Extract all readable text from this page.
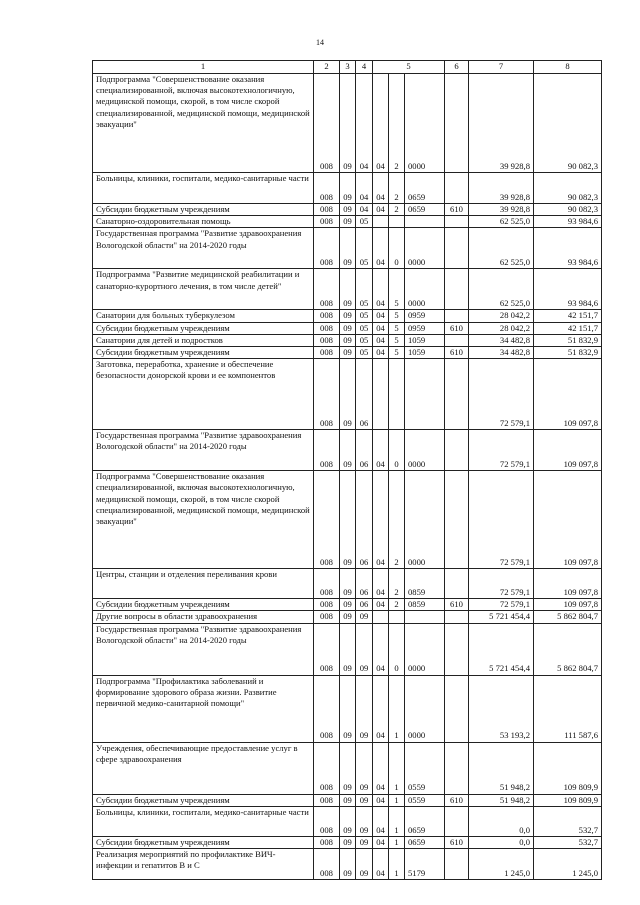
14
1	2	3	4	5			6	7	8
Подпрограмма "Совершенствование оказания специализированной, включая высокотехнологичную, медицинской помощи, скорой, в том числе скорой специализированной, медицинской помощи, медицинской эвакуации"	008	09	04	04	2	0000		39 928,8	90 082,3
Больницы, клиники, госпитали, медико-санитарные части	008	09	04	04	2	0659		39 928,8	90 082,3
Субсидии бюджетным учреждениям	008	09	04	04	2	0659	610	39 928,8	90 082,3
Санаторно-оздоровительная помощь	008	09	05					62 525,0	93 984,6
Государственная программа "Развитие здравоохранения Вологодской области" на 2014-2020 годы	008	09	05	04	0	0000		62 525,0	93 984,6
Подпрограмма "Развитие медицинской реабилитации и санаторно-курортного лечения, в том числе детей"	008	09	05	04	5	0000		62 525,0	93 984,6
Санатории для больных туберкулезом	008	09	05	04	5	0959		28 042,2	42 151,7
Субсидии бюджетным учреждениям	008	09	05	04	5	0959	610	28 042,2	42 151,7
Санатории для детей и подростков	008	09	05	04	5	1059		34 482,8	51 832,9
Субсидии бюджетным учреждениям	008	09	05	04	5	1059	610	34 482,8	51 832,9
Заготовка, переработка, хранение и обеспечение безопасности донорской крови и ее компонентов	008	09	06					72 579,1	109 097,8
Государственная программа "Развитие здравоохранения Вологодской области" на 2014-2020 годы	008	09	06	04	0	0000		72 579,1	109 097,8
Подпрограмма "Совершенствование оказания специализированной, включая высокотехнологичную, медицинской помощи, скорой, в том числе скорой специализированной, медицинской помощи, медицинской эвакуации"	008	09	06	04	2	0000		72 579,1	109 097,8
Центры, станции и отделения переливания крови	008	09	06	04	2	0859		72 579,1	109 097,8
Субсидии бюджетным учреждениям	008	09	06	04	2	0859	610	72 579,1	109 097,8
Другие вопросы в области здравоохранения	008	09	09					5 721 454,4	5 862 804,7
Государственная программа "Развитие здравоохранения Вологодской области" на 2014-2020 годы	008	09	09	04	0	0000		5 721 454,4	5 862 804,7
Подпрограмма "Профилактика заболеваний и формирование здорового образа жизни. Развитие первичной медико-санитарной помощи"	008	09	09	04	1	0000		53 193,2	111 587,6
Учреждения, обеспечивающие предоставление услуг в сфере здравоохранения	008	09	09	04	1	0559		51 948,2	109 809,9
Субсидии бюджетным учреждениям	008	09	09	04	1	0559	610	51 948,2	109 809,9
Больницы, клиники, госпитали, медико-санитарные части	008	09	09	04	1	0659		0,0	532,7
Субсидии бюджетным учреждениям	008	09	09	04	1	0659	610	0,0	532,7
Реализация мероприятий по профилактике ВИЧ-инфекции и гепатитов В и С	008	09	09	04	1	5179		1 245,0	1 245,0
